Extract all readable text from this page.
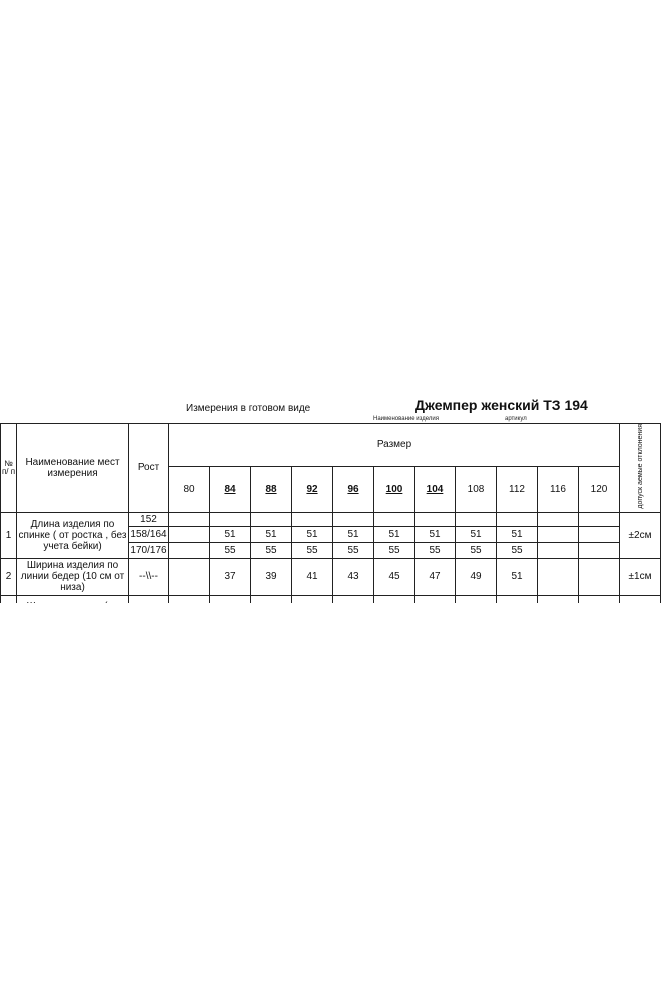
Измерения в готовом виде	Джемпер женский ТЗ 194
Наименование изделия	артикул
№ п/ п	Наименование мест измерения	Рост	Размер											допуск аемые отклонения
			80	84	88	92	96	100	104	108	112	116	120	
1	Длина изделия по спинке ( от ростка , без учета бейки)	152												±2см
		158/164		51	51	51	51	51	51	51	51			
		170/176		55	55	55	55	55	55	55	55			
2	Ширина изделия по линии бедер (10 см от низа)	--\\--		37	39	41	43	45	47	49	51			±1см
